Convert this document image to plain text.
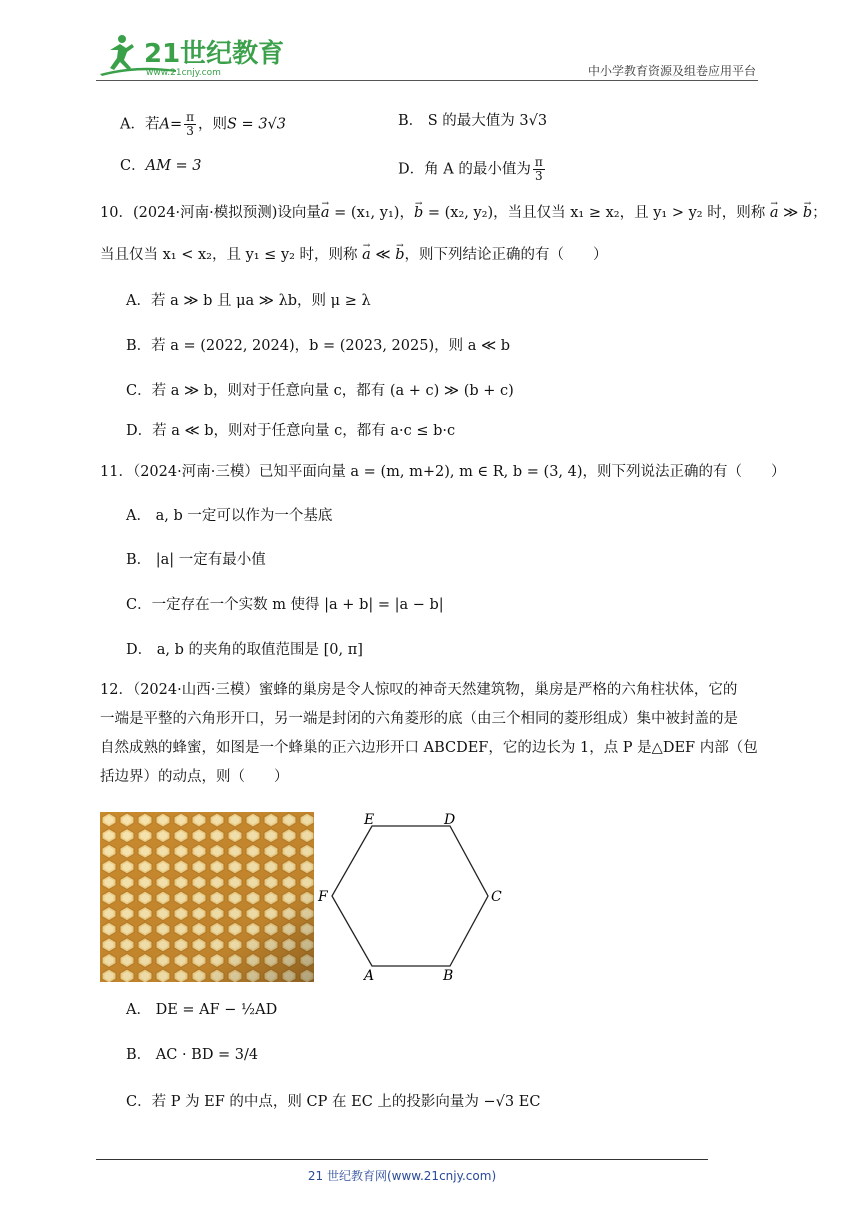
21世纪教育
www.21cnjy.com	中小学教育资源及组卷应用平台
A．若$A= \frac{\pi}{3}$ ，则S = 3√3	B． S 的最大值为 3√3
C．AM = 3	D．角 A 的最小值为 $\frac{\pi}{3}$
10．(2024·河南·模拟预测)设向量→ a = (x₁, y₁)，→ b = (x₂, y₂)，当且仅当 x₁ ≥ x₂，且 y₁ > y₂ 时，则称 → a ≫ → b；
当且仅当 x₁ < x₂，且 y₁ ≤ y₂ 时，则称 → a ≪ → b，则下列结论正确的有（　　）
A．若 a ≫ b 且 μa ≫ λb，则 μ ≥ λ
B．若 a = (2022, 2024)，b = (2023, 2025)，则 a ≪ b
C．若 a ≫ b，则对于任意向量 c，都有 (a + c) ≫ (b + c)
D．若 a ≪ b，则对于任意向量 c，都有 a·c ≤ b·c
11．（2024·河南·三模）已知平面向量 a = (m, m+2), m ∈ R, b = (3, 4)，则下列说法正确的有（　　）
A． a, b 一定可以作为一个基底
B． |a| 一定有最小值
C．一定存在一个实数 m 使得 |a + b| = |a − b|
D． a, b 的夹角的取值范围是 [0, π]
12．（2024·山西·三模）蜜蜂的巢房是令人惊叹的神奇天然建筑物，巢房是严格的六角柱状体，它的
一端是平整的六角形开口，另一端是封闭的六角菱形的底（由三个相同的菱形组成）集中被封盖的是
自然成熟的蜂蜜，如图是一个蜂巢的正六边形开口 ABCDEF，它的边长为 1，点 P 是△DEF 内部（包
括边界）的动点，则（　　）
E	D
F	C
A	B
A． DE = AF − ½AD
B． AC · BD = 3/4
C．若 P 为 EF 的中点，则 CP 在 EC 上的投影向量为 −√3 EC
21 世纪教育网(www.21cnjy.com)
